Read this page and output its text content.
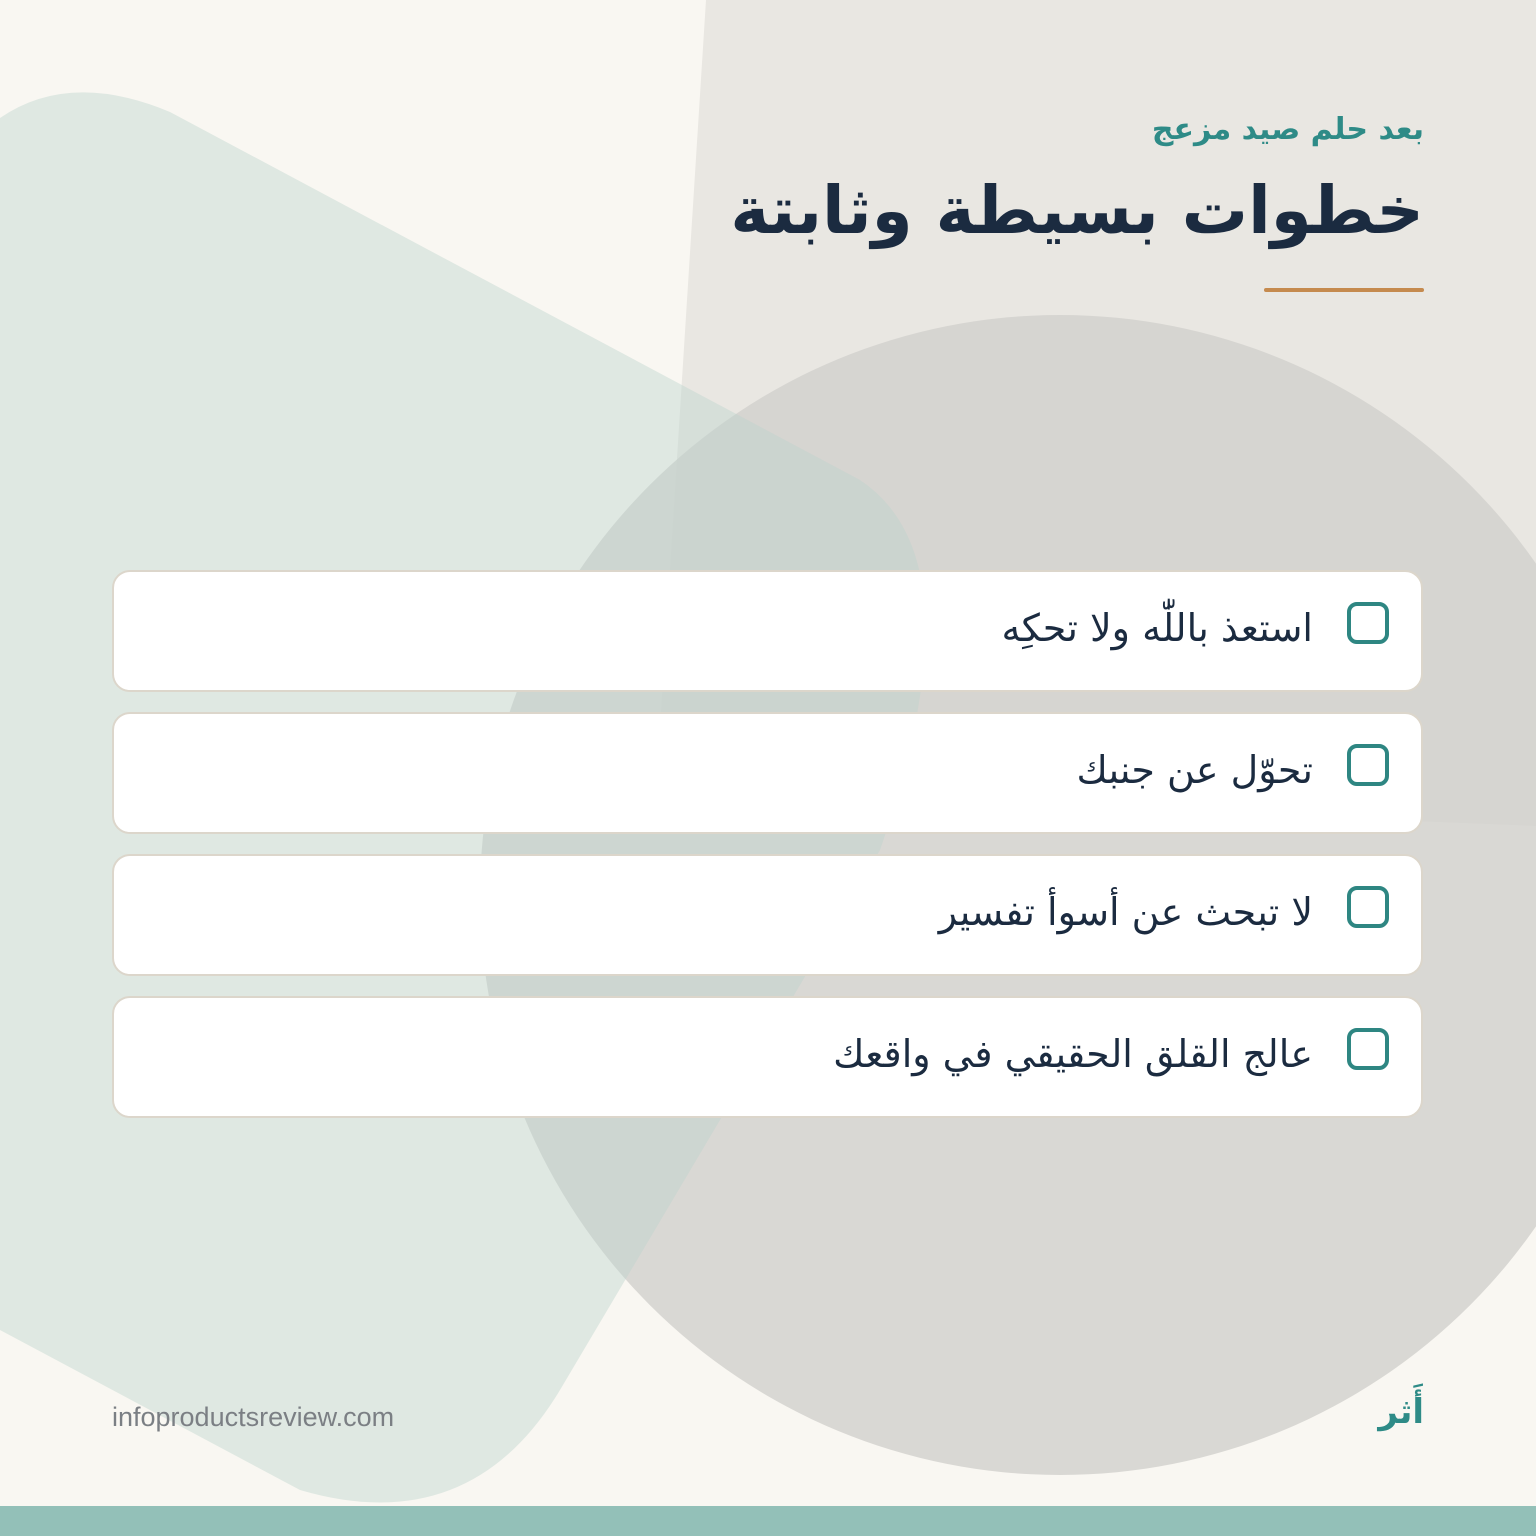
بعد حلم صيد مزعج
خطوات بسيطة وثابتة
استعذ باللّٰه ولا تحكِه
تحوّل عن جنبك
لا تبحث عن أسوأ تفسير
عالج القلق الحقيقي في واقعك
infoproductsreview.com	أَثر
